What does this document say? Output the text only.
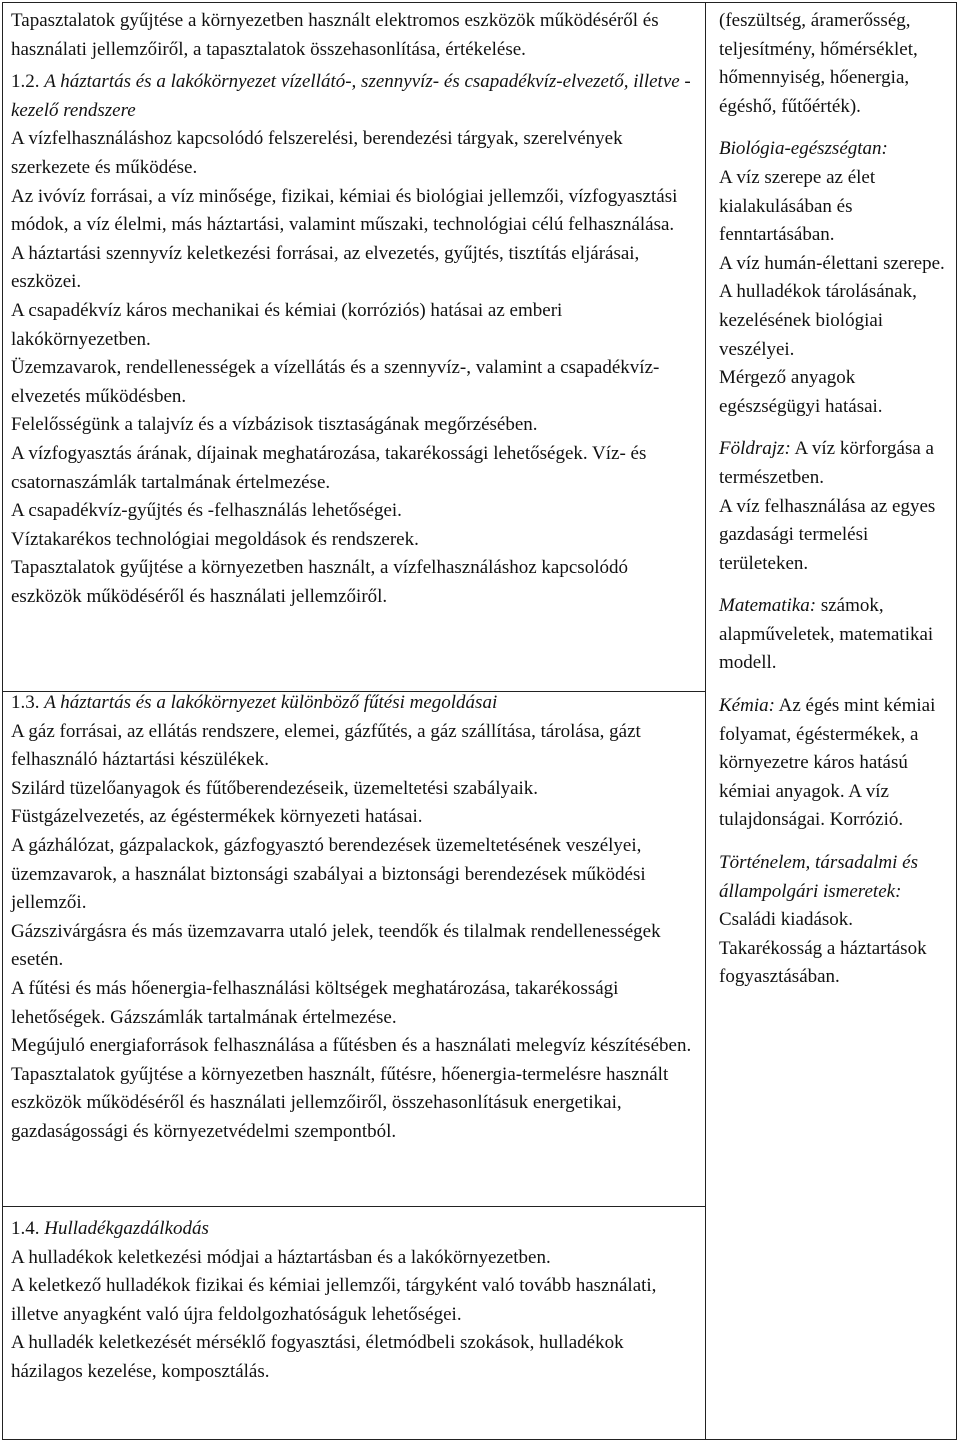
Tapasztalatok gyűjtése a környezetben használt elektromos eszközök működéséről és használati jellemzőiről, a tapasztalatok összehasonlítása, értékelése.

1.2. A háztartás és a lakókörnyezet vízellátó-, szennyvíz- és csapadékvíz-elvezető, illetve -kezelő rendszere

A vízfelhasználáshoz kapcsolódó felszerelési, berendezési tárgyak, szerelvények szerkezete és működése.

Az ivóvíz forrásai, a víz minősége, fizikai, kémiai és biológiai jellemzői, vízfogyasztási módok, a víz élelmi, más háztartási, valamint műszaki, technológiai célú felhasználása.

A háztartási szennyvíz keletkezési forrásai, az elvezetés, gyűjtés, tisztítás eljárásai, eszközei.

A csapadékvíz káros mechanikai és kémiai (korróziós) hatásai az emberi lakókörnyezetben.

Üzemzavarok, rendellenességek a vízellátás és a szennyvíz-, valamint a csapadékvíz-elvezetés működésben.

Felelősségünk a talajvíz és a vízbázisok tisztaságának megőrzésében.

A vízfogyasztás árának, díjainak meghatározása, takarékossági lehetőségek. Víz- és csatornaszámlák tartalmának értelmezése.

A csapadékvíz-gyűjtés és -felhasználás lehetőségei.

Víztakarékos technológiai megoldások és rendszerek.

Tapasztalatok gyűjtése a környezetben használt, a vízfelhasználáshoz kapcsolódó eszközök működéséről és használati jellemzőiről.

1.3. A háztartás és a lakókörnyezet különböző fűtési megoldásai

A gáz forrásai, az ellátás rendszere, elemei, gázfűtés, a gáz szállítása, tárolása, gázt felhasználó háztartási készülékek.

Szilárd tüzelőanyagok és fűtőberendezéseik, üzemeltetési szabályaik.

Füstgázelvezetés, az égéstermékek környezeti hatásai.

A gázhálózat, gázpalackok, gázfogyasztó berendezések üzemeltetésének veszélyei, üzemzavarok, a használat biztonsági szabályai a biztonsági berendezések működési jellemzői.

Gázszivárgásra és más üzemzavarra utaló jelek, teendők és tilalmak rendellenességek esetén.

A fűtési és más hőenergia-felhasználási költségek meghatározása, takarékossági lehetőségek. Gázszámlák tartalmának értelmezése.

Megújuló energiaforrások felhasználása a fűtésben és a használati melegvíz készítésében.

Tapasztalatok gyűjtése a környezetben használt, fűtésre, hőenergia-termelésre használt eszközök működéséről és használati jellemzőiről, összehasonlításuk energetikai, gazdaságossági és környezetvédelmi szempontból.

1.4. Hulladékgazdálkodás

A hulladékok keletkezési módjai a háztartásban és a lakókörnyezetben.

A keletkező hulladékok fizikai és kémiai jellemzői, tárgyként való tovább használati, illetve anyagként való újra feldolgozhatóságuk lehetőségei.

A hulladék keletkezését mérséklő fogyasztási, életmódbeli szokások, hulladékok házilagos kezelése, komposztálás.

(feszültség, áramerősség, teljesítmény, hőmérséklet, hőmennyiség, hőenergia, égéshő, fűtőérték).

Biológia-egészségtan:

A víz szerepe az élet kialakulásában és fenntartásában.

A víz humán-élettani szerepe.

A hulladékok tárolásának, kezelésének biológiai veszélyei.

Mérgező anyagok egészségügyi hatásai.

Földrajz: A víz körforgása a természetben.

A víz felhasználása az egyes gazdasági termelési területeken.

Matematika: számok, alapműveletek, matematikai modell.

Kémia: Az égés mint kémiai folyamat, égéstermékek, a környezetre káros hatású kémiai anyagok. A víz tulajdonságai. Korrózió.

Történelem, társadalmi és állampolgári ismeretek: Családi kiadások. Takarékosság a háztartások fogyasztásában.
